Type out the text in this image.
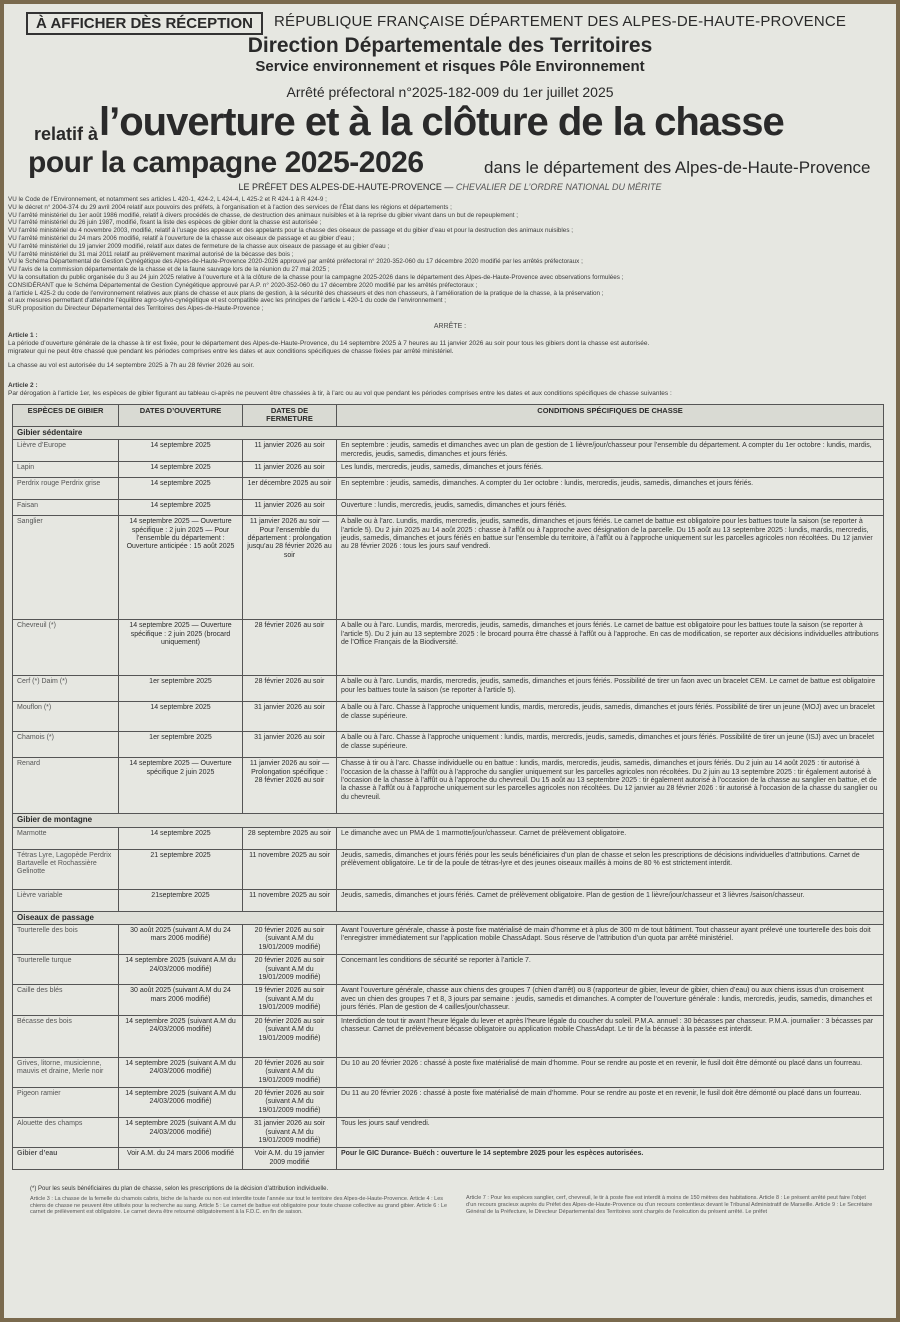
À AFFICHER DÈS RÉCEPTION	RÉPUBLIQUE FRANÇAISE DÉPARTEMENT DES ALPES-DE-HAUTE-PROVENCE
Direction Départementale des Territoires
Service environnement et risques Pôle Environnement
Arrêté préfectoral n°2025-182-009 du 1er juillet 2025
relatif à l’ouverture et à la clôture de la chasse
pour la campagne 2025-2026	dans le département des Alpes-de-Haute-Provence
LE PRÉFET DES ALPES-DE-HAUTE-PROVENCE — CHEVALIER DE L’ORDRE NATIONAL DU MÉRITE
VU le Code de l’Environnement, et notamment ses articles L 420-1, 424-2, L 424-4, L 425-2 et R 424-1 à R 424-9 ;
VU le décret n° 2004-374 du 29 avril 2004 relatif aux pouvoirs des préfets, à l’organisation et à l’action des services de l’État dans les régions et départements ;
VU l’arrêté ministériel du 1er août 1986 modifié, relatif à divers procédés de chasse, de destruction des animaux nuisibles et à la reprise du gibier vivant dans un but de repeuplement ;
VU l’arrêté ministériel du 26 juin 1987, modifié, fixant la liste des espèces de gibier dont la chasse est autorisée ;
VU l’arrêté ministériel du 4 novembre 2003, modifié, relatif à l’usage des appeaux et des appelants pour la chasse des oiseaux de passage et du gibier d’eau et pour la destruction des animaux nuisibles ;
VU l’arrêté ministériel du 24 mars 2006 modifié, relatif à l’ouverture de la chasse aux oiseaux de passage et au gibier d’eau ;
VU l’arrêté ministériel du 19 janvier 2009 modifié, relatif aux dates de fermeture de la chasse aux oiseaux de passage et au gibier d’eau ;
VU l’arrêté ministériel du 31 mai 2011 relatif au prélèvement maximal autorisé de la bécasse des bois ;
VU le Schéma Départemental de Gestion Cynégétique des Alpes-de-Haute-Provence 2020-2026 approuvé par arrêté préfectoral n° 2020-352-060 du 17 décembre 2020 modifié par les arrêtés préfectoraux ;
VU l’avis de la commission départementale de la chasse et de la faune sauvage lors de la réunion du 27 mai 2025 ;
VU la consultation du public organisée du 3 au 24 juin 2025 relative à l’ouverture et à la clôture de la chasse pour la campagne 2025-2026 dans le département des Alpes-de-Haute-Provence avec observations formulées ;
CONSIDÉRANT que le Schéma Départemental de Gestion Cynégétique approuvé par A.P. n° 2020-352-060 du 17 décembre 2020 modifié par les arrêtés préfectoraux ;
à l’article L 425-2 du code de l’environnement relatives aux plans de chasse et aux plans de gestion, à la sécurité des chasseurs et des non chasseurs, à l’amélioration de la pratique de la chasse, à la préservation ;
et aux mesures permettant d’atteindre l’équilibre agro-sylvo-cynégétique et est compatible avec les principes de l’article L 420-1 du code de l’environnement ;
SUR proposition du Directeur Départemental des Territoires des Alpes-de-Haute-Provence ;
ARRÊTE :
Article 1 :
La période d’ouverture générale de la chasse à tir est fixée, pour le département des Alpes-de-Haute-Provence, du 14 septembre 2025 à 7 heures au 11 janvier 2026 au soir pour tous les gibiers dont la chasse est autorisée.
migrateur qui ne peut être chassé que pendant les périodes comprises entre les dates et aux conditions spécifiques de chasse fixées par arrêté ministériel.
La chasse au vol est autorisée du 14 septembre 2025 à 7h au 28 février 2026 au soir.
Article 2 :
Par dérogation à l’article 1er, les espèces de gibier figurant au tableau ci-après ne peuvent être chassées à tir, à l’arc ou au vol que pendant les périodes comprises entre les dates et aux conditions spécifiques de chasse suivantes :
ESPÈCES DE GIBIER	DATES D’OUVERTURE	DATES DE FERMETURE	CONDITIONS SPÉCIFIQUES DE CHASSE
Gibier sédentaire			
Lièvre d’Europe	14 septembre 2025	11 janvier 2026 au soir	En septembre : jeudis, samedis et dimanches avec un plan de gestion de 1 lièvre/jour/chasseur pour l’ensemble du département. A compter du 1er octobre : lundis, mardis, mercredis, jeudis, samedis, dimanches et jours fériés.
Lapin	14 septembre 2025	11 janvier 2026 au soir	Les lundis, mercredis, jeudis, samedis, dimanches et jours fériés.
Perdrix rouge Perdrix grise	14 septembre 2025	1er décembre 2025 au soir	En septembre : jeudis, samedis, dimanches. A compter du 1er octobre : lundis, mercredis, jeudis, samedis, dimanches et jours fériés.
Faisan	14 septembre 2025	11 janvier 2026 au soir	Ouverture : lundis, mercredis, jeudis, samedis, dimanches et jours fériés.
Sanglier	14 septembre 2025 — Ouverture spécifique : 2 juin 2025 — Pour l’ensemble du département : Ouverture anticipée : 15 août 2025	11 janvier 2026 au soir — Pour l’ensemble du département : prolongation jusqu’au 28 février 2026 au soir	A balle ou à l’arc. Lundis, mardis, mercredis, jeudis, samedis, dimanches et jours fériés. Le carnet de battue est obligatoire pour les battues toute la saison (se reporter à l’article 5). Du 2 juin 2025 au 14 août 2025 : chasse à l’affût ou à l’approche avec désignation de la parcelle. Du 15 août au 13 septembre 2025 : lundis, mardis, mercredis, jeudis, samedis, dimanches et jours fériés en battue sur l’ensemble du territoire, à l’affût ou à l’approche uniquement sur les parcelles agricoles non récoltées. Du 12 janvier au 28 février 2026 : tous les jours sauf vendredi.
Chevreuil (*)	14 septembre 2025 — Ouverture spécifique : 2 juin 2025 (brocard uniquement)	28 février 2026 au soir	A balle ou à l’arc. Lundis, mardis, mercredis, jeudis, samedis, dimanches et jours fériés. Le carnet de battue est obligatoire pour les battues toute la saison (se reporter à l’article 5). Du 2 juin au 13 septembre 2025 : le brocard pourra être chassé à l’affût ou à l’approche. En cas de modification, se reporter aux décisions individuelles attributions de l’Office Français de la Biodiversité.
Cerf (*) Daim (*)	1er septembre 2025	28 février 2026 au soir	A balle ou à l’arc. Lundis, mardis, mercredis, jeudis, samedis, dimanches et jours fériés. Possibilité de tirer un faon avec un bracelet CEM. Le carnet de battue est obligatoire pour les battues toute la saison (se reporter à l’article 5).
Mouflon (*)	14 septembre 2025	31 janvier 2026 au soir	A balle ou à l’arc. Chasse à l’approche uniquement lundis, mardis, mercredis, jeudis, samedis, dimanches et jours fériés. Possibilité de tirer un jeune (MOJ) avec un bracelet de classe supérieure.
Chamois (*)	1er septembre 2025	31 janvier 2026 au soir	A balle ou à l’arc. Chasse à l’approche uniquement : lundis, mardis, mercredis, jeudis, samedis, dimanches et jours fériés. Possibilité de tirer un jeune (ISJ) avec un bracelet de classe supérieure.
Renard	14 septembre 2025 — Ouverture spécifique 2 juin 2025	11 janvier 2026 au soir — Prolongation spécifique : 28 février 2026 au soir	Chasse à tir ou à l’arc. Chasse individuelle ou en battue : lundis, mardis, mercredis, jeudis, samedis, dimanches et jours fériés. Du 2 juin au 14 août 2025 : tir autorisé à l’occasion de la chasse à l’affût ou à l’approche du sanglier uniquement sur les parcelles agricoles non récoltées. Du 2 juin au 13 septembre 2025 : tir également autorisé à l’occasion de la chasse à l’affût ou à l’approche du chevreuil. Du 15 août au 13 septembre 2025 : tir également autorisé à l’occasion de la chasse au sanglier en battue, et de la chasse à l’affût ou à l’approche uniquement sur les parcelles agricoles non récoltées. Du 12 janvier au 28 février 2026 : tir autorisé à l’occasion de la chasse du sanglier ou du chevreuil.
Gibier de montagne			
Marmotte	14 septembre 2025	28 septembre 2025 au soir	Le dimanche avec un PMA de 1 marmotte/jour/chasseur. Carnet de prélèvement obligatoire.
Tétras Lyre, Lagopède Perdrix Bartavelle et Rochassière Gelinotte	21 septembre 2025	11 novembre 2025 au soir	Jeudis, samedis, dimanches et jours fériés pour les seuls bénéficiaires d’un plan de chasse et selon les prescriptions de décisions individuelles d’attributions. Carnet de prélèvement obligatoire. Le tir de la poule de tétras-lyre et des jeunes oiseaux maillés à moins de 80 % est strictement interdit.
Lièvre variable	21septembre 2025	11 novembre 2025 au soir	Jeudis, samedis, dimanches et jours fériés. Carnet de prélèvement obligatoire. Plan de gestion de 1 lièvre/jour/chasseur et 3 lièvres /saison/chasseur.
Oiseaux de passage			
Tourterelle des bois	30 août 2025 (suivant A.M du 24 mars 2006 modifié)	20 février 2026 au soir (suivant A.M du 19/01/2009 modifié)	Avant l’ouverture générale, chasse à poste fixe matérialisé de main d’homme et à plus de 300 m de tout bâtiment. Tout chasseur ayant prélevé une tourterelle des bois doit l’enregistrer immédiatement sur l’application mobile ChassAdapt. Sous réserve de l’attribution d’un quota par arrêté ministériel.
Tourterelle turque	14 septembre 2025 (suivant A.M du 24/03/2006 modifié)	20 février 2026 au soir (suivant A.M du 19/01/2009 modifié)	Concernant les conditions de sécurité se reporter à l’article 7.
Caille des blés	30 août 2025 (suivant A.M du 24 mars 2006 modifié)	19 février 2026 au soir (suivant A.M du 19/01/2009 modifié)	Avant l’ouverture générale, chasse aux chiens des groupes 7 (chien d’arrêt) ou 8 (rapporteur de gibier, leveur de gibier, chien d’eau) ou aux chiens issus d’un croisement avec un chien des groupes 7 et 8, 3 jours par semaine : jeudis, samedis et dimanches. A compter de l’ouverture générale : lundis, mercredis, jeudis, samedis, dimanches et jours fériés. Plan de gestion de 4 cailles/jour/chasseur.
Bécasse des bois	14 septembre 2025 (suivant A.M du 24/03/2006 modifié)	20 février 2026 au soir (suivant A.M du 19/01/2009 modifié)	Interdiction de tout tir avant l’heure légale du lever et après l’heure légale du coucher du soleil. P.M.A. annuel : 30 bécasses par chasseur. P.M.A. journalier : 3 bécasses par chasseur. Carnet de prélèvement bécasse obligatoire ou application mobile ChassAdapt. Le tir de la bécasse à la passée est interdit.
Grives, litorne, musicienne, mauvis et draine, Merle noir	14 septembre 2025 (suivant A.M du 24/03/2006 modifié)	20 février 2026 au soir (suivant A.M du 19/01/2009 modifié)	Du 10 au 20 février 2026 : chassé à poste fixe matérialisé de main d’homme. Pour se rendre au poste et en revenir, le fusil doit être démonté ou placé dans un fourreau.
Pigeon ramier	14 septembre 2025 (suivant A.M du 24/03/2006 modifié)	20 février 2026 au soir (suivant A.M du 19/01/2009 modifié)	Du 11 au 20 février 2026 : chassé à poste fixe matérialisé de main d’homme. Pour se rendre au poste et en revenir, le fusil doit être démonté ou placé dans un fourreau.
Alouette des champs	14 septembre 2025 (suivant A.M du 24/03/2006 modifié)	31 janvier 2026 au soir (suivant A.M du 19/01/2009 modifié)	Tous les jours sauf vendredi.
Gibier d’eau	Voir A.M. du 24 mars 2006 modifié	Voir A.M. du 19 janvier 2009 modifié	Pour le GIC Durance- Buëch : ouverture le 14 septembre 2025 pour les espèces autorisées.
(*) Pour les seuls bénéficiaires du plan de chasse, selon les prescriptions de la décision d’attribution individuelle.
Article 3 : La chasse de la femelle du chamois cabris, biche de la harde ou non est interdite toute l’année sur tout le territoire des Alpes-de-Haute-Provence. Article 4 : Les chiens de chasse ne peuvent être utilisés pour la recherche au sang. Article 5 : Le carnet de battue est obligatoire pour toute chasse collective au grand gibier. Article 6 : Le carnet de prélèvement est obligatoire. Le carnet devra être retourné obligatoirement à la F.D.C. en fin de saison.
Article 7 : Pour les espèces sanglier, cerf, chevreuil, le tir à poste fixe est interdit à moins de 150 mètres des habitations. Article 8 : Le présent arrêté peut faire l’objet d’un recours gracieux auprès du Préfet des Alpes-de-Haute-Provence ou d’un recours contentieux devant le Tribunal Administratif de Marseille. Article 9 : Le Secrétaire Général de la Préfecture, le Directeur Départemental des Territoires sont chargés de l’exécution du présent arrêté. Le préfet
